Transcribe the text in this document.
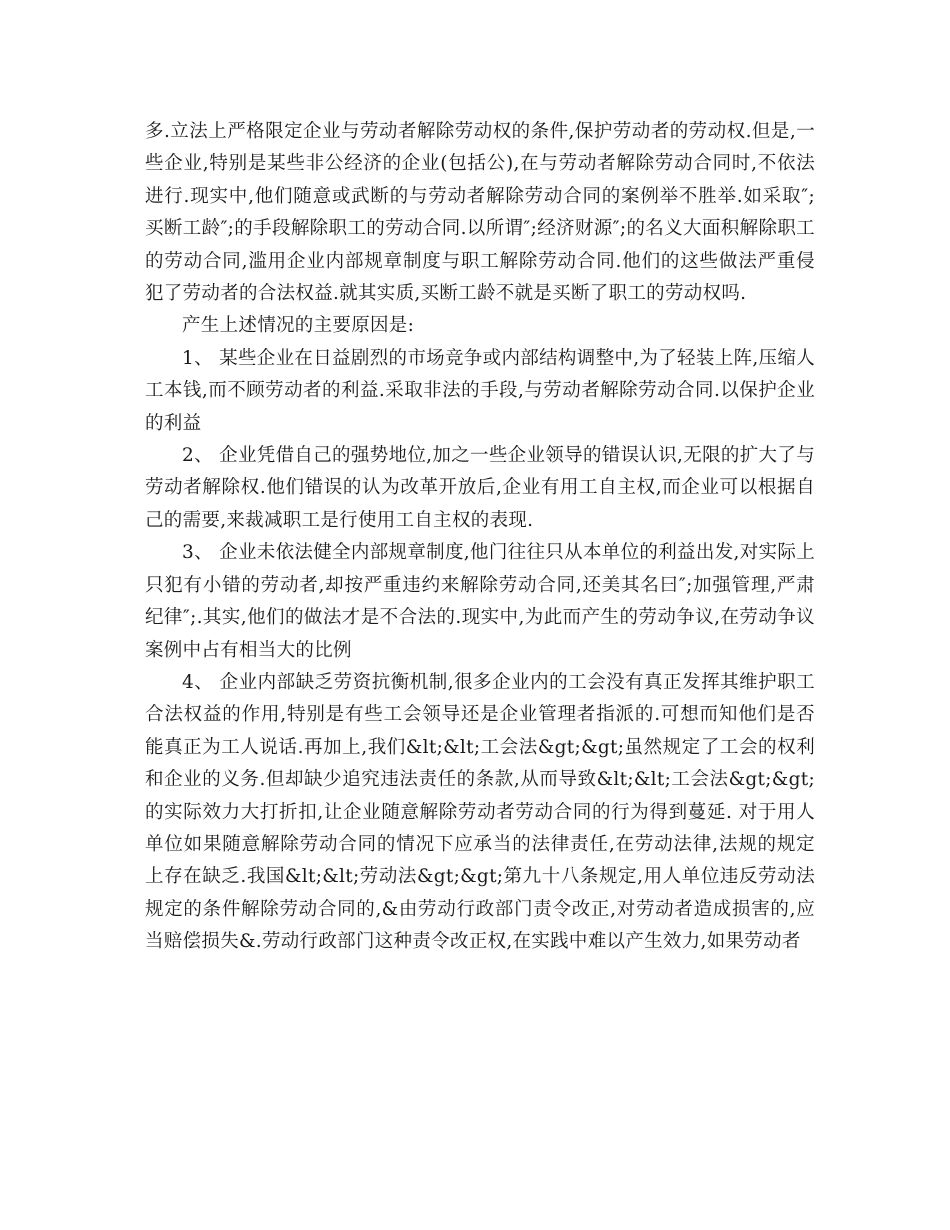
多.立法上严格限定企业与劳动者解除劳动权的条件,保护劳动者的劳动权.但是,一些企业,特别是某些非公经济的企业(包括公),在与劳动者解除劳动合同时,不依法进行.现实中,他们随意或武断的与劳动者解除劳动合同的案例举不胜举.如采取″;买断工龄″;的手段解除职工的劳动合同.以所谓″;经济财源″;的名义大面积解除职工的劳动合同,滥用企业内部规章制度与职工解除劳动合同.他们的这些做法严重侵犯了劳动者的合法权益.就其实质,买断工龄不就是买断了职工的劳动权吗.

产生上述情况的主要原因是:

1、 某些企业在日益剧烈的市场竞争或内部结构调整中,为了轻装上阵,压缩人工本钱,而不顾劳动者的利益.采取非法的手段,与劳动者解除劳动合同.以保护企业的利益

2、 企业凭借自己的强势地位,加之一些企业领导的错误认识,无限的扩大了与劳动者解除权.他们错误的认为改革开放后,企业有用工自主权,而企业可以根据自己的需要,来裁减职工是行使用工自主权的表现.

3、 企业未依法健全内部规章制度,他门往往只从本单位的利益出发,对实际上只犯有小错的劳动者,却按严重违约来解除劳动合同,还美其名曰″;加强管理,严肃纪律″;.其实,他们的做法才是不合法的.现实中,为此而产生的劳动争议,在劳动争议案例中占有相当大的比例

4、 企业内部缺乏劳资抗衡机制,很多企业内的工会没有真正发挥其维护职工合法权益的作用,特别是有些工会领导还是企业管理者指派的.可想而知他们是否能真正为工人说话.再加上,我们&lt;&lt;工会法&gt;&gt;虽然规定了工会的权利和企业的义务.但却缺少追究违法责任的条款,从而导致&lt;&lt;工会法&gt;&gt;的实际效力大打折扣,让企业随意解除劳动者劳动合同的行为得到蔓延. 对于用人单位如果随意解除劳动合同的情况下应承当的法律责任,在劳动法律,法规的规定上存在缺乏.我国&lt;&lt;劳动法&gt;&gt;第九十八条规定,用人单位违反劳动法规定的条件解除劳动合同的,&由劳动行政部门责令改正,对劳动者造成损害的,应当赔偿损失&.劳动行政部门这种责令改正权,在实践中难以产生效力,如果劳动者
